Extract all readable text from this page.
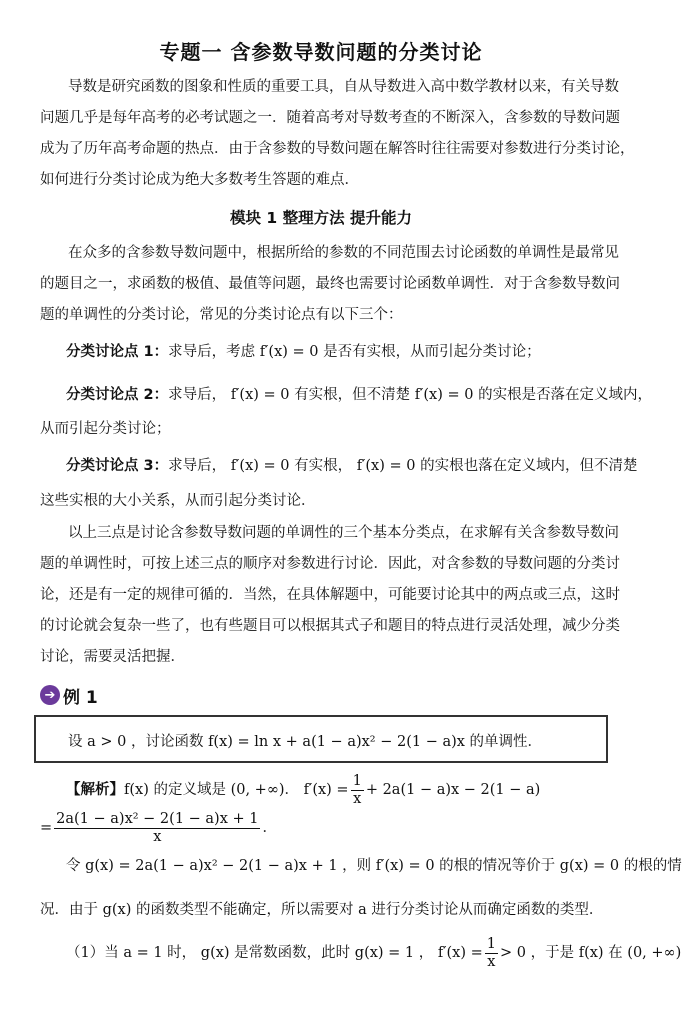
专题一 含参数导数问题的分类讨论
导数是研究函数的图象和性质的重要工具，自从导数进入高中数学教材以来，有关导数
问题几乎是每年高考的必考试题之一．随着高考对导数考查的不断深入，含参数的导数问题
成为了历年高考命题的热点．由于含参数的导数问题在解答时往往需要对参数进行分类讨论，
如何进行分类讨论成为绝大多数考生答题的难点．
模块 1 整理方法 提升能力
在众多的含参数导数问题中，根据所给的参数的不同范围去讨论函数的单调性是最常见
的题目之一，求函数的极值、最值等问题，最终也需要讨论函数单调性．对于含参数导数问
题的单调性的分类讨论，常见的分类讨论点有以下三个：
分类讨论点 1：求导后，考虑 f′(x) = 0 是否有实根，从而引起分类讨论；
分类讨论点 2：求导后， f′(x) = 0 有实根，但不清楚 f′(x) = 0 的实根是否落在定义域内，
从而引起分类讨论；
分类讨论点 3：求导后， f′(x) = 0 有实根， f′(x) = 0 的实根也落在定义域内，但不清楚
这些实根的大小关系，从而引起分类讨论．
以上三点是讨论含参数导数问题的单调性的三个基本分类点，在求解有关含参数导数问
题的单调性时，可按上述三点的顺序对参数进行讨论．因此，对含参数的导数问题的分类讨
论，还是有一定的规律可循的．当然，在具体解题中，可能要讨论其中的两点或三点，这时
的讨论就会复杂一些了，也有些题目可以根据其式子和题目的特点进行灵活处理，减少分类
讨论，需要灵活把握．
➔ 例 1
设 a > 0 ，讨论函数 f(x) = ln x + a(1 − a)x² − 2(1 − a)x 的单调性．
【解析】f(x) 的定义域是 (0, +∞)． $f'(x) = \frac{1}{x} + 2a(1 - a)x - 2(1 - a)$
= $\frac{\text{2a(1 − a)x² − 2(1 − a)x + 1}}{x}$ ．
令 g(x) = 2a(1 − a)x² − 2(1 − a)x + 1 ，则 f′(x) = 0 的根的情况等价于 g(x) = 0 的根的情
况．由于 g(x) 的函数类型不能确定，所以需要对 a 进行分类讨论从而确定函数的类型．
（1）当 a = 1 时， g(x) 是常数函数，此时 g(x) = 1 ， $f'(x) = \frac{1}{x} > 0$ ，于是 f(x) 在 (0, +∞)
